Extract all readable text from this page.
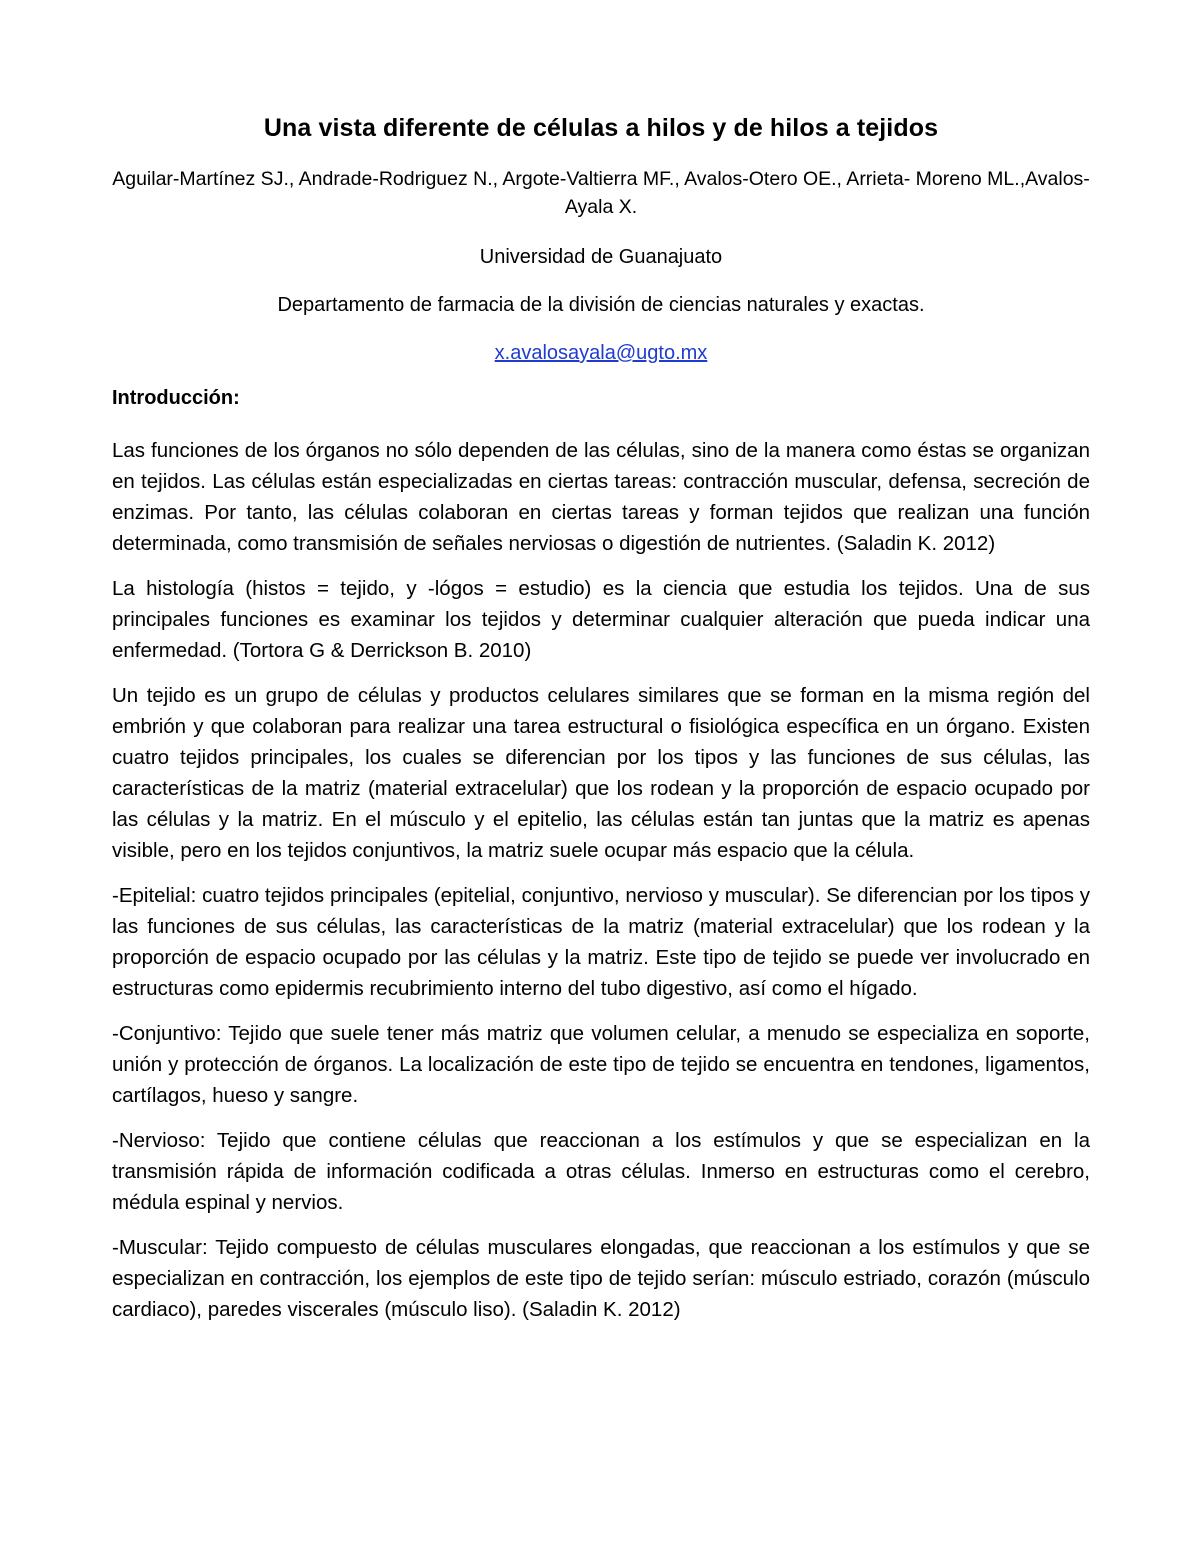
Una vista diferente de células a hilos y de hilos a tejidos
Aguilar-Martínez SJ., Andrade-Rodriguez N., Argote-Valtierra MF., Avalos-Otero OE., Arrieta- Moreno ML.,Avalos-Ayala X.
Universidad de Guanajuato
Departamento de farmacia de la división de ciencias naturales y exactas.
x.avalosayala@ugto.mx
Introducción:

Las funciones de los órganos no sólo dependen de las células, sino de la manera como éstas se organizan en tejidos. Las células están especializadas en ciertas tareas: contracción muscular, defensa, secreción de enzimas. Por tanto, las células colaboran en ciertas tareas y forman tejidos que realizan una función determinada, como transmisión de señales nerviosas o digestión de nutrientes. (Saladin K. 2012)

La histología (histos = tejido, y -lógos = estudio) es la ciencia que estudia los tejidos. Una de sus principales funciones es examinar los tejidos y determinar cualquier alteración que pueda indicar una enfermedad. (Tortora G & Derrickson B. 2010)

Un tejido es un grupo de células y productos celulares similares que se forman en la misma región del embrión y que colaboran para realizar una tarea estructural o fisiológica específica en un órgano. Existen cuatro tejidos principales, los cuales se diferencian por los tipos y las funciones de sus células, las características de la matriz (material extracelular) que los rodean y la proporción de espacio ocupado por las células y la matriz. En el músculo y el epitelio, las células están tan juntas que la matriz es apenas visible, pero en los tejidos conjuntivos, la matriz suele ocupar más espacio que la célula.

-Epitelial: cuatro tejidos principales (epitelial, conjuntivo, nervioso y muscular). Se diferencian por los tipos y las funciones de sus células, las características de la matriz (material extracelular) que los rodean y la proporción de espacio ocupado por las células y la matriz. Este tipo de tejido se puede ver involucrado en estructuras como epidermis recubrimiento interno del tubo digestivo, así como el hígado.

-Conjuntivo: Tejido que suele tener más matriz que volumen celular, a menudo se especializa en soporte, unión y protección de órganos. La localización de este tipo de tejido se encuentra en tendones, ligamentos, cartílagos, hueso y sangre.

-Nervioso: Tejido que contiene células que reaccionan a los estímulos y que se especializan en la transmisión rápida de información codificada a otras células. Inmerso en estructuras como el cerebro, médula espinal y nervios.

-Muscular: Tejido compuesto de células musculares elongadas, que reaccionan a los estímulos y que se especializan en contracción, los ejemplos de este tipo de tejido serían: músculo estriado, corazón (músculo cardiaco), paredes viscerales (músculo liso). (Saladin K. 2012)
